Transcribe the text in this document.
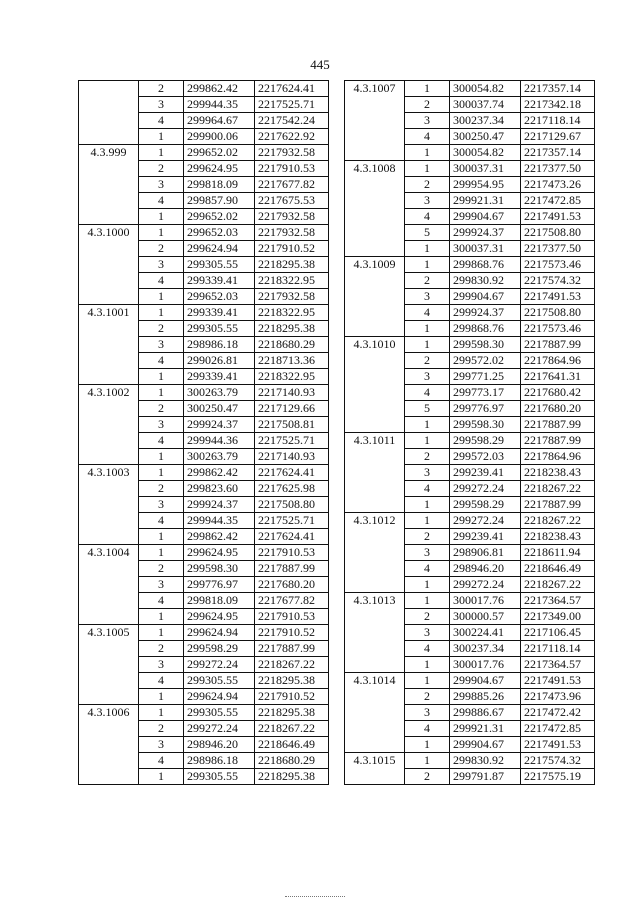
445
	2	299862.42	2217624.41
	3	299944.35	2217525.71
	4	299964.67	2217542.24
	1	299900.06	2217622.92
4.3.999	1	299652.02	2217932.58
	2	299624.95	2217910.53
	3	299818.09	2217677.82
	4	299857.90	2217675.53
	1	299652.02	2217932.58
4.3.1000	1	299652.03	2217932.58
	2	299624.94	2217910.52
	3	299305.55	2218295.38
	4	299339.41	2218322.95
	1	299652.03	2217932.58
4.3.1001	1	299339.41	2218322.95
	2	299305.55	2218295.38
	3	298986.18	2218680.29
	4	299026.81	2218713.36
	1	299339.41	2218322.95
4.3.1002	1	300263.79	2217140.93
	2	300250.47	2217129.66
	3	299924.37	2217508.81
	4	299944.36	2217525.71
	1	300263.79	2217140.93
4.3.1003	1	299862.42	2217624.41
	2	299823.60	2217625.98
	3	299924.37	2217508.80
	4	299944.35	2217525.71
	1	299862.42	2217624.41
4.3.1004	1	299624.95	2217910.53
	2	299598.30	2217887.99
	3	299776.97	2217680.20
	4	299818.09	2217677.82
	1	299624.95	2217910.53
4.3.1005	1	299624.94	2217910.52
	2	299598.29	2217887.99
	3	299272.24	2218267.22
	4	299305.55	2218295.38
	1	299624.94	2217910.52
4.3.1006	1	299305.55	2218295.38
	2	299272.24	2218267.22
	3	298946.20	2218646.49
	4	298986.18	2218680.29
	1	299305.55	2218295.38
4.3.1007	1	300054.82	2217357.14
	2	300037.74	2217342.18
	3	300237.34	2217118.14
	4	300250.47	2217129.67
	1	300054.82	2217357.14
4.3.1008	1	300037.31	2217377.50
	2	299954.95	2217473.26
	3	299921.31	2217472.85
	4	299904.67	2217491.53
	5	299924.37	2217508.80
	1	300037.31	2217377.50
4.3.1009	1	299868.76	2217573.46
	2	299830.92	2217574.32
	3	299904.67	2217491.53
	4	299924.37	2217508.80
	1	299868.76	2217573.46
4.3.1010	1	299598.30	2217887.99
	2	299572.02	2217864.96
	3	299771.25	2217641.31
	4	299773.17	2217680.42
	5	299776.97	2217680.20
	1	299598.30	2217887.99
4.3.1011	1	299598.29	2217887.99
	2	299572.03	2217864.96
	3	299239.41	2218238.43
	4	299272.24	2218267.22
	1	299598.29	2217887.99
4.3.1012	1	299272.24	2218267.22
	2	299239.41	2218238.43
	3	298906.81	2218611.94
	4	298946.20	2218646.49
	1	299272.24	2218267.22
4.3.1013	1	300017.76	2217364.57
	2	300000.57	2217349.00
	3	300224.41	2217106.45
	4	300237.34	2217118.14
	1	300017.76	2217364.57
4.3.1014	1	299904.67	2217491.53
	2	299885.26	2217473.96
	3	299886.67	2217472.42
	4	299921.31	2217472.85
	1	299904.67	2217491.53
4.3.1015	1	299830.92	2217574.32
	2	299791.87	2217575.19
